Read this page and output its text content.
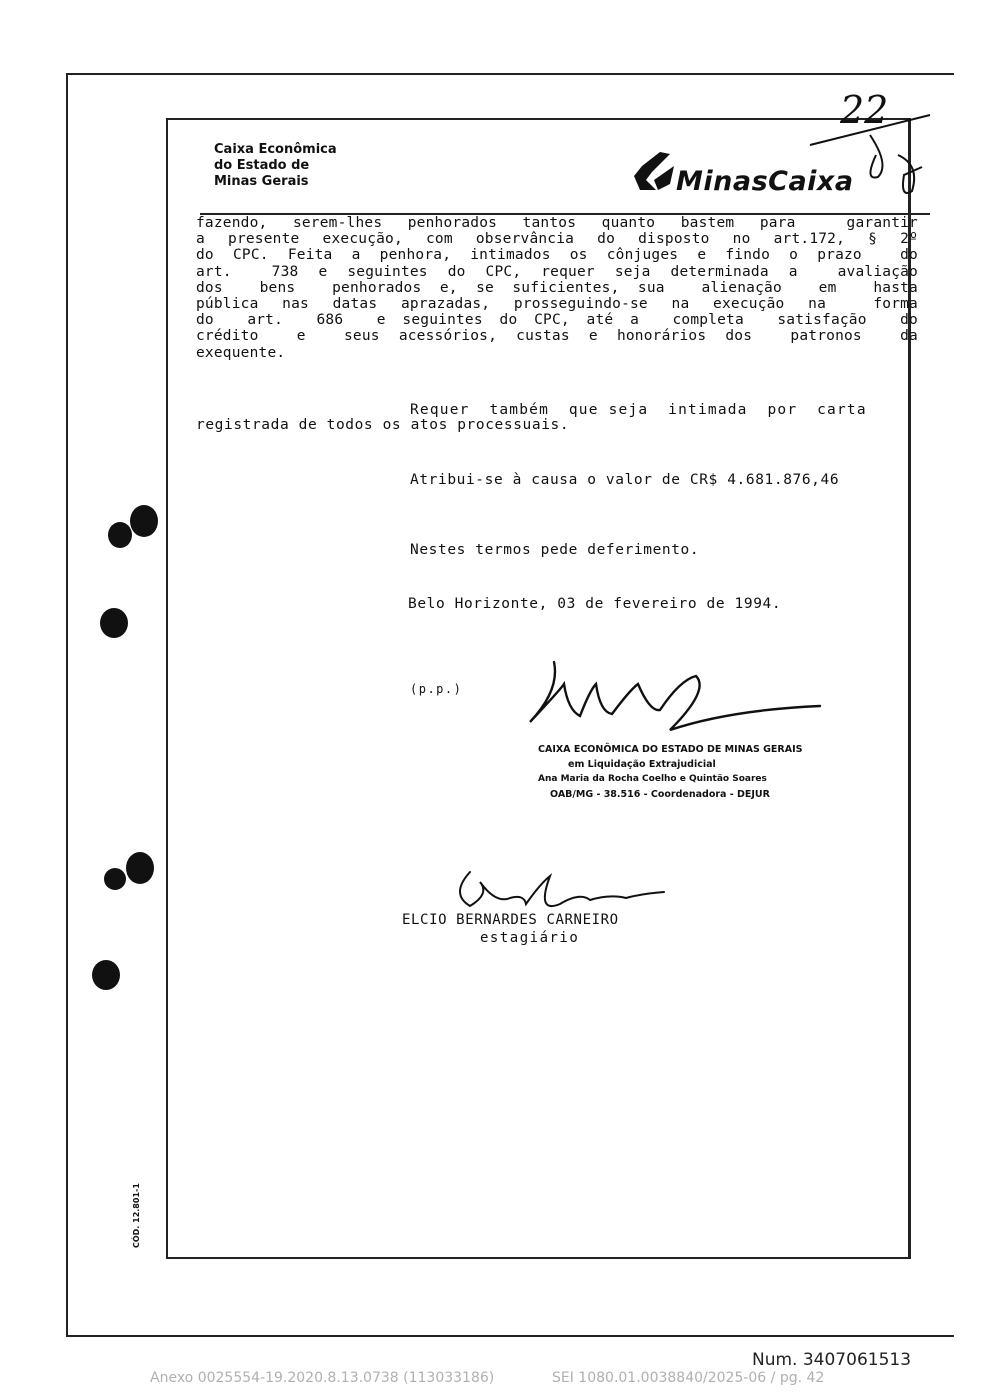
Caixa Econômica
do Estado de
Minas Gerais	MinasCaixa
22
fazendo, serem-lhes penhorados tantos quanto bastem para  garantir
a presente execução, com observância do disposto no art.172, § 2º
do CPC. Feita a penhora, intimados os cônjuges e findo o prazo  do
art.  738 e seguintes do CPC, requer seja determinada a  avaliação
dos  bens  penhorados e, se suficientes, sua  alienação  em  hasta
pública nas datas aprazadas, prosseguindo-se na execução na  forma
do  art.  686  e seguintes do CPC, até a  completa  satisfação  do
crédito  e  seus acessórios, custas e honorários dos  patronos  da
exequente.
Requer  também  que seja  intimada  por  carta
registrada de todos os atos processuais.
Atribui-se à causa o valor de CR$ 4.681.876,46
Nestes termos pede deferimento.
Belo Horizonte, 03 de fevereiro de 1994.
(p.p.)
CAIXA ECONÔMICA DO ESTADO DE MINAS GERAIS
em Liquidação Extrajudicial
Ana Maria da Rocha Coelho e Quintão Soares
OAB/MG - 38.516 - Coordenadora - DEJUR
ELCIO BERNARDES CARNEIRO
estagiário
CÓD. 12.801-1
Num. 3407061513
Anexo 0025554-19.2020.8.13.0738 (113033186)	SEI 1080.01.0038840/2025-06 / pg. 42
